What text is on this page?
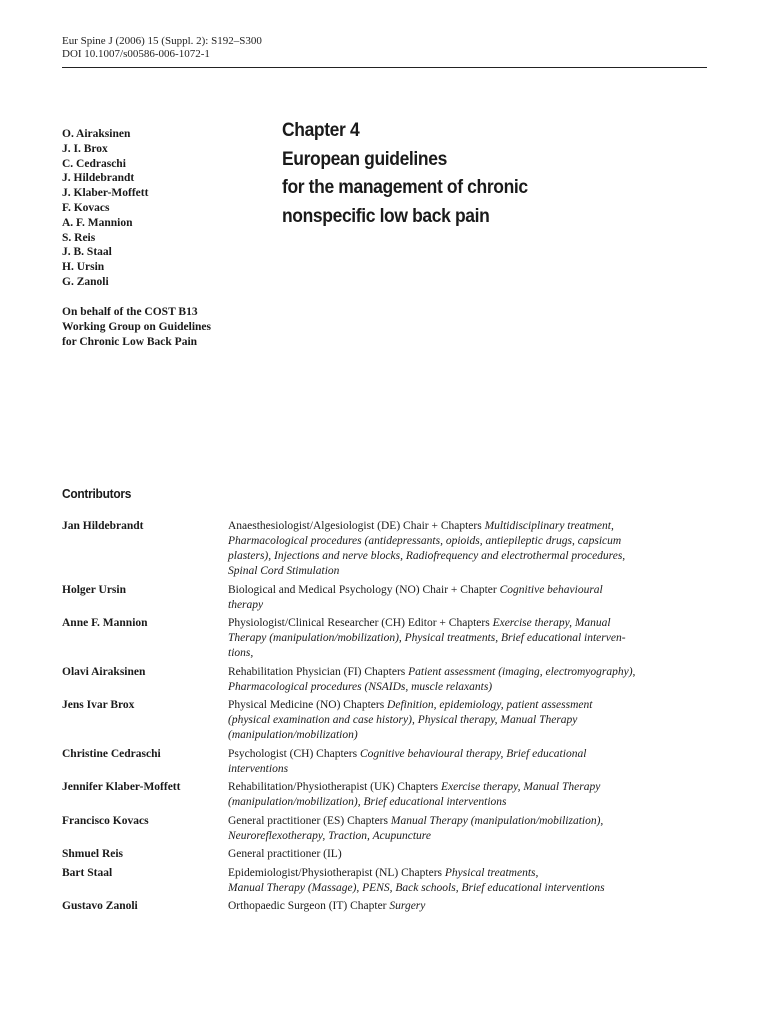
Eur Spine J (2006) 15 (Suppl. 2): S192–S300
DOI 10.1007/s00586-006-1072-1
O. Airaksinen
J. I. Brox
C. Cedraschi
J. Hildebrandt
J. Klaber-Moffett
F. Kovacs
A. F. Mannion
S. Reis
J. B. Staal
H. Ursin
G. Zanoli
On behalf of the COST B13
Working Group on Guidelines
for Chronic Low Back Pain
Chapter 4
European guidelines
for the management of chronic
nonspecific low back pain
Contributors
Jan Hildebrandt	Anaesthesiologist/Algesiologist (DE) Chair + Chapters Multidisciplinary treatment,
Pharmacological procedures (antidepressants, opioids, antiepileptic drugs, capsicum
plasters), Injections and nerve blocks, Radiofrequency and electrothermal procedures,
Spinal Cord Stimulation
Holger Ursin	Biological and Medical Psychology (NO) Chair + Chapter Cognitive behavioural
therapy
Anne F. Mannion	Physiologist/Clinical Researcher (CH) Editor + Chapters Exercise therapy, Manual
Therapy (manipulation/mobilization), Physical treatments, Brief educational interven-
tions,
Olavi Airaksinen	Rehabilitation Physician (FI) Chapters Patient assessment (imaging, electromyography),
Pharmacological procedures (NSAIDs, muscle relaxants)
Jens Ivar Brox	Physical Medicine (NO) Chapters Definition, epidemiology, patient assessment
(physical examination and case history), Physical therapy, Manual Therapy
(manipulation/mobilization)
Christine Cedraschi	Psychologist (CH) Chapters Cognitive behavioural therapy, Brief educational
interventions
Jennifer Klaber-Moffett	Rehabilitation/Physiotherapist (UK) Chapters Exercise therapy, Manual Therapy
(manipulation/mobilization), Brief educational interventions
Francisco Kovacs	General practitioner (ES) Chapters Manual Therapy (manipulation/mobilization),
Neuroreflexotherapy, Traction, Acupuncture
Shmuel Reis	General practitioner (IL)
Bart Staal	Epidemiologist/Physiotherapist (NL) Chapters Physical treatments,
Manual Therapy (Massage), PENS, Back schools, Brief educational interventions
Gustavo Zanoli	Orthopaedic Surgeon (IT) Chapter Surgery
